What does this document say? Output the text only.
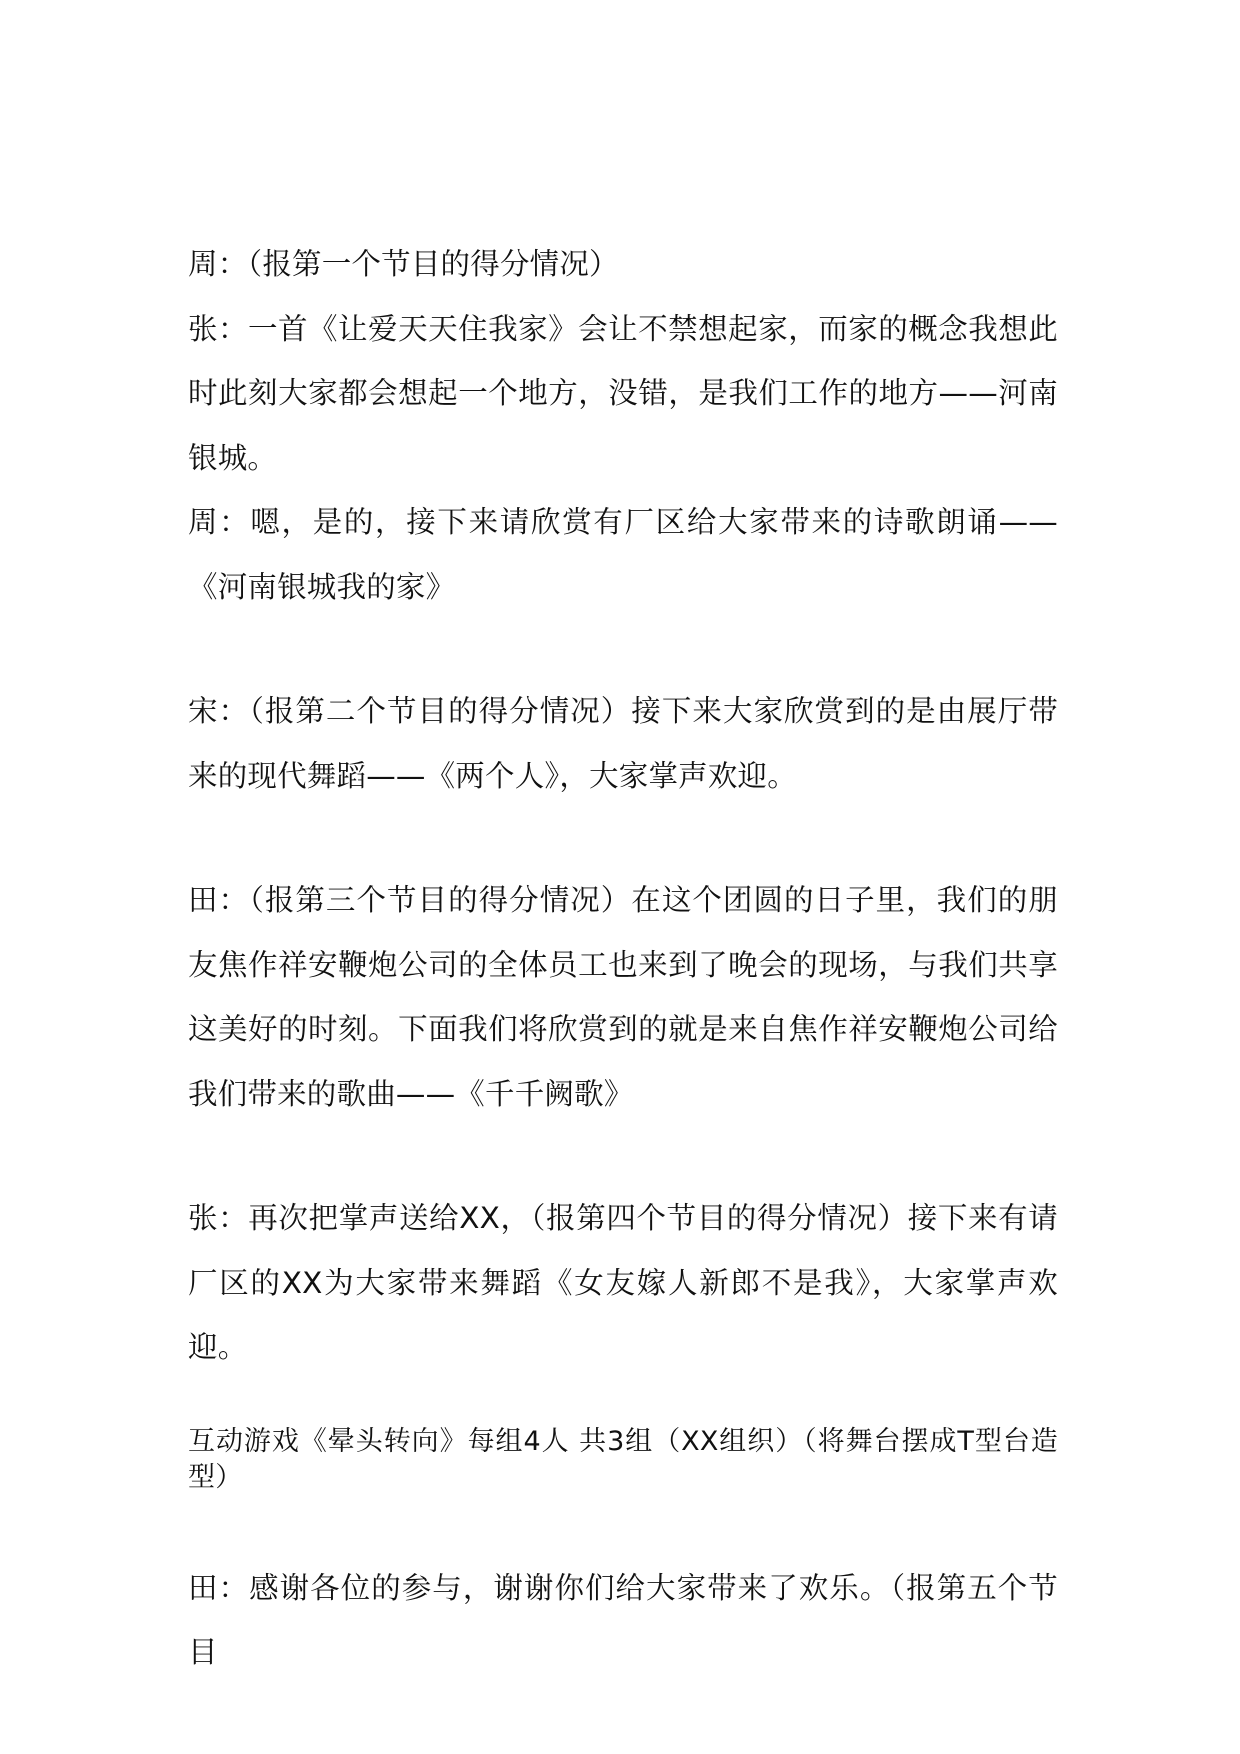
周：（报第一个节目的得分情况）

张：一首《让爱天天住我家》会让不禁想起家，而家的概念我想此时此刻大家都会想起一个地方，没错，是我们工作的地方——河南银城。

周：嗯，是的，接下来请欣赏有厂区给大家带来的诗歌朗诵——《河南银城我的家》

宋：（报第二个节目的得分情况）接下来大家欣赏到的是由展厅带来的现代舞蹈——《两个人》，大家掌声欢迎。

田：（报第三个节目的得分情况）在这个团圆的日子里，我们的朋友焦作祥安鞭炮公司的全体员工也来到了晚会的现场，与我们共享这美好的时刻。下面我们将欣赏到的就是来自焦作祥安鞭炮公司给我们带来的歌曲——《千千阙歌》

张：再次把掌声送给XX，（报第四个节目的得分情况）接下来有请厂区的XX为大家带来舞蹈《女友嫁人新郎不是我》，大家掌声欢迎。

互动游戏《晕头转向》每组4人 共3组（XX组织）（将舞台摆成T型台造型）

田：感谢各位的参与，谢谢你们给大家带来了欢乐。（报第五个节目
